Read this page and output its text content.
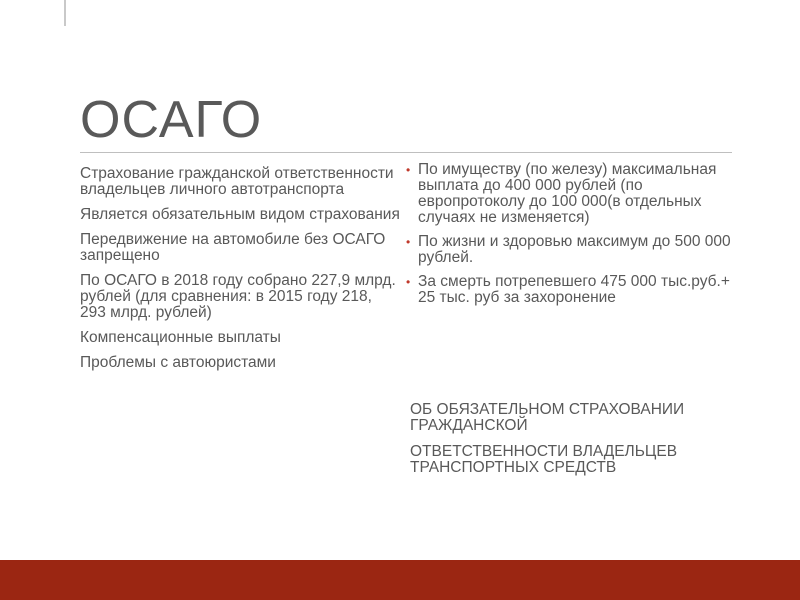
ОСАГО

Страхование гражданской ответственности владельцев личного автотранспорта

Является обязательным видом страхования

Передвижение на автомобиле без ОСАГО запрещено

По ОСАГО в 2018 году собрано 227,9 млрд. рублей (для сравнения: в 2015 году 218, 293 млрд. рублей)

Компенсационные выплаты

Проблемы с автоюристами

• По имуществу (по железу) максимальная выплата до 400 000 рублей (по европротоколу до 100 000(в отдельных случаях не изменяется)
• По жизни и здоровью максимум до 500 000 рублей.
• За смерть потрепевшего 475 000 тыс.руб.+ 25 тыс. руб за захоронение

ОБ ОБЯЗАТЕЛЬНОМ СТРАХОВАНИИ ГРАЖДАНСКОЙ

ОТВЕТСТВЕННОСТИ ВЛАДЕЛЬЦЕВ ТРАНСПОРТНЫХ СРЕДСТВ
